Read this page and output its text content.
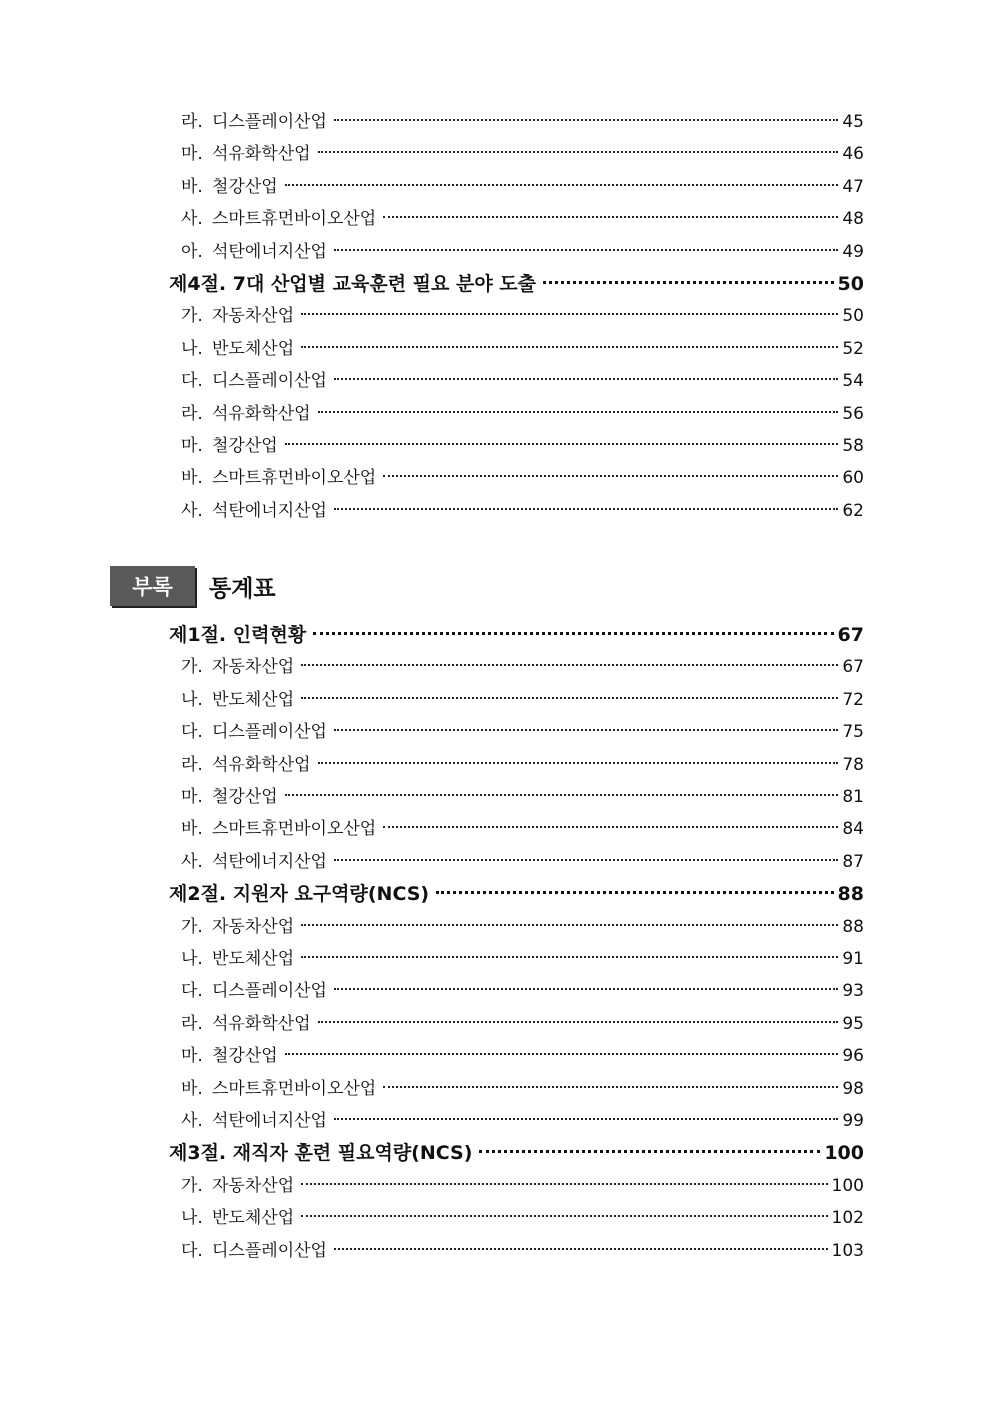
라. 디스플레이산업	45
마. 석유화학산업	46
바. 철강산업	47
사. 스마트휴먼바이오산업	48
아. 석탄에너지산업	49
제4절. 7대 산업별 교육훈련 필요 분야 도출	50
가. 자동차산업	50
나. 반도체산업	52
다. 디스플레이산업	54
라. 석유화학산업	56
마. 철강산업	58
바. 스마트휴먼바이오산업	60
사. 석탄에너지산업	62
제1절. 인력현황	67
가. 자동차산업	67
나. 반도체산업	72
다. 디스플레이산업	75
라. 석유화학산업	78
마. 철강산업	81
바. 스마트휴먼바이오산업	84
사. 석탄에너지산업	87
제2절. 지원자 요구역량(NCS)	88
가. 자동차산업	88
나. 반도체산업	91
다. 디스플레이산업	93
라. 석유화학산업	95
마. 철강산업	96
바. 스마트휴먼바이오산업	98
사. 석탄에너지산업	99
제3절. 재직자 훈련 필요역량(NCS)	100
가. 자동차산업	100
나. 반도체산업	102
다. 디스플레이산업	103
부록	통계표
